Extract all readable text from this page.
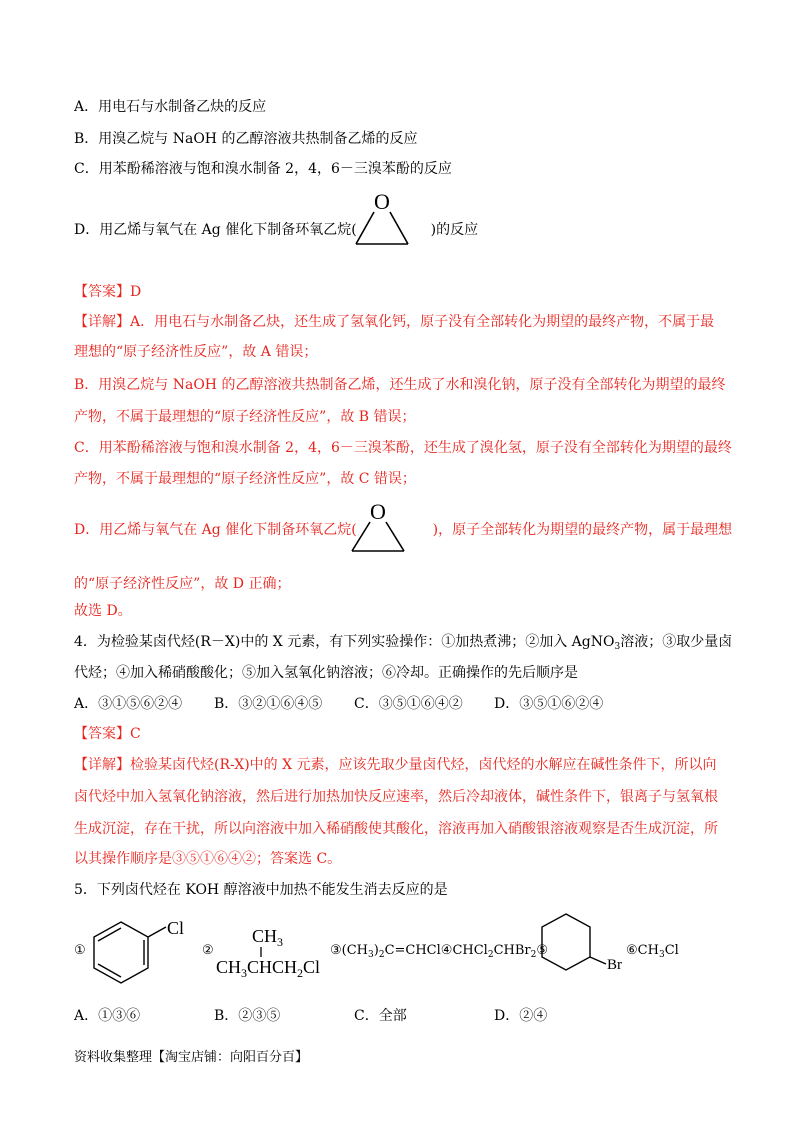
A．用电石与水制备乙炔的反应
B．用溴乙烷与 NaOH 的乙醇溶液共热制备乙烯的反应
C．用苯酚稀溶液与饱和溴水制备 2，4，6－三溴苯酚的反应
D．用乙烯与氧气在 Ag 催化下制备环氧乙烷(	)的反应
O
【答案】D
【详解】A．用电石与水制备乙炔，还生成了氢氧化钙，原子没有全部转化为期望的最终产物，不属于最
理想的“原子经济性反应”，故 A 错误；
B．用溴乙烷与 NaOH 的乙醇溶液共热制备乙烯，还生成了水和溴化钠，原子没有全部转化为期望的最终
产物，不属于最理想的“原子经济性反应”，故 B 错误；
C．用苯酚稀溶液与饱和溴水制备 2，4，6－三溴苯酚，还生成了溴化氢，原子没有全部转化为期望的最终
产物，不属于最理想的“原子经济性反应”，故 C 错误；
D．用乙烯与氧气在 Ag 催化下制备环氧乙烷(	)，原子全部转化为期望的最终产物，属于最理想
O
的“原子经济性反应”，故 D 正确；
故选 D。
4．为检验某卤代烃(R－X)中的 X 元素，有下列实验操作：①加热煮沸；②加入 AgNO$_3$溶液；③取少量卤
代烃；④加入稀硝酸酸化；⑤加入氢氧化钠溶液；⑥冷却。正确操作的先后顺序是
A．③①⑤⑥②④ B．③②①⑥④⑤ C．③⑤①⑥④② D．③⑤①⑥②④
【答案】C
【详解】检验某卤代烃(R-X)中的 X 元素，应该先取少量卤代烃，卤代烃的水解应在碱性条件下，所以向
卤代烃中加入氢氧化钠溶液，然后进行加热加快反应速率，然后冷却液体，碱性条件下，银离子与氢氧根
生成沉淀，存在干扰，所以向溶液中加入稀硝酸使其酸化，溶液再加入硝酸银溶液观察是否生成沉淀，所
以其操作顺序是③⑤①⑥④②；答案选 C。
5．下列卤代烃在 KOH 醇溶液中加热不能发生消去反应的是
①
Cl
②
$CH_3$
$CH_3CHCH_2Cl$
$③(CH_3)_2C=CHCl④CHCl_2CHBr_2⑤$
Br
$⑥CH_3Cl$
A．①③⑥	B．②③⑤	C．全部	D．②④
资料收集整理【淘宝店铺：向阳百分百】
